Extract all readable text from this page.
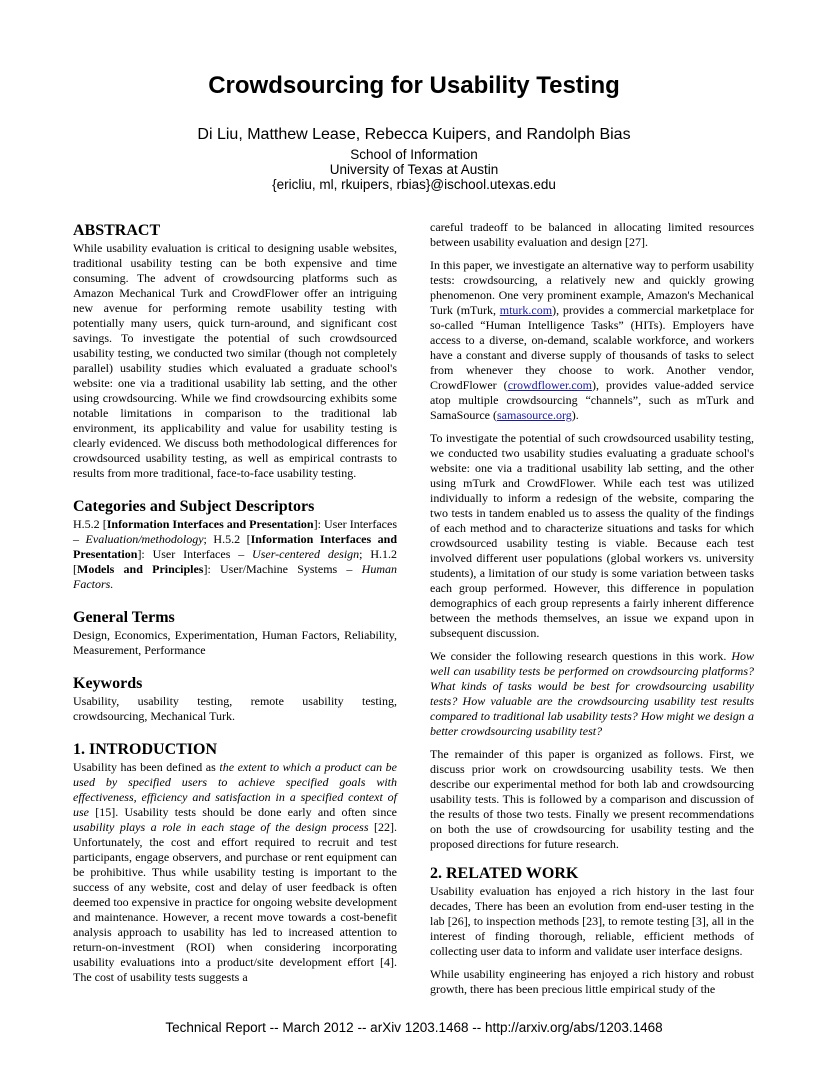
Crowdsourcing for Usability Testing
Di Liu, Matthew Lease, Rebecca Kuipers, and Randolph Bias
School of Information
University of Texas at Austin
{ericliu, ml, rkuipers, rbias}@ischool.utexas.edu
ABSTRACT

While usability evaluation is critical to designing usable websites, traditional usability testing can be both expensive and time consuming. The advent of crowdsourcing platforms such as Amazon Mechanical Turk and CrowdFlower offer an intriguing new avenue for performing remote usability testing with potentially many users, quick turn-around, and significant cost savings. To investigate the potential of such crowdsourced usability testing, we conducted two similar (though not completely parallel) usability studies which evaluated a graduate school's website: one via a traditional usability lab setting, and the other using crowdsourcing. While we find crowdsourcing exhibits some notable limitations in comparison to the traditional lab environment, its applicability and value for usability testing is clearly evidenced. We discuss both methodological differences for crowdsourced usability testing, as well as empirical contrasts to results from more traditional, face-to-face usability testing.

Categories and Subject Descriptors

H.5.2 [Information Interfaces and Presentation]: User Interfaces – Evaluation/methodology; H.5.2 [Information Interfaces and Presentation]: User Interfaces – User-centered design; H.1.2 [Models and Principles]: User/Machine Systems – Human Factors.

General Terms

Design, Economics, Experimentation, Human Factors, Reliability, Measurement, Performance

Keywords

Usability, usability testing, remote usability testing, crowdsourcing, Mechanical Turk.

1. INTRODUCTION

Usability has been defined as the extent to which a product can be used by specified users to achieve specified goals with effectiveness, efficiency and satisfaction in a specified context of use [15]. Usability tests should be done early and often since usability plays a role in each stage of the design process [22]. Unfortunately, the cost and effort required to recruit and test participants, engage observers, and purchase or rent equipment can be prohibitive. Thus while usability testing is important to the success of any website, cost and delay of user feedback is often deemed too expensive in practice for ongoing website development and maintenance. However, a recent move towards a cost-benefit analysis approach to usability has led to increased attention to return-on-investment (ROI) when considering incorporating usability evaluations into a product/site development effort [4]. The cost of usability tests suggests a

careful tradeoff to be balanced in allocating limited resources between usability evaluation and design [27].

In this paper, we investigate an alternative way to perform usability tests: crowdsourcing, a relatively new and quickly growing phenomenon. One very prominent example, Amazon's Mechanical Turk (mTurk, mturk.com), provides a commercial marketplace for so-called “Human Intelligence Tasks” (HITs). Employers have access to a diverse, on-demand, scalable workforce, and workers have a constant and diverse supply of thousands of tasks to select from whenever they choose to work. Another vendor, CrowdFlower (crowdflower.com), provides value-added service atop multiple crowdsourcing “channels”, such as mTurk and SamaSource (samasource.org).

To investigate the potential of such crowdsourced usability testing, we conducted two usability studies evaluating a graduate school's website: one via a traditional usability lab setting, and the other using mTurk and CrowdFlower. While each test was utilized individually to inform a redesign of the website, comparing the two tests in tandem enabled us to assess the quality of the findings of each method and to characterize situations and tasks for which crowdsourced usability testing is viable. Because each test involved different user populations (global workers vs. university students), a limitation of our study is some variation between tasks each group performed. However, this difference in population demographics of each group represents a fairly inherent difference between the methods themselves, an issue we expand upon in subsequent discussion.

We consider the following research questions in this work. How well can usability tests be performed on crowdsourcing platforms? What kinds of tasks would be best for crowdsourcing usability tests? How valuable are the crowdsourcing usability test results compared to traditional lab usability tests? How might we design a better crowdsourcing usability test?

The remainder of this paper is organized as follows. First, we discuss prior work on crowdsourcing usability tests. We then describe our experimental method for both lab and crowdsourcing usability tests. This is followed by a comparison and discussion of the results of those two tests. Finally we present recommendations on both the use of crowdsourcing for usability testing and the proposed directions for future research.

2. RELATED WORK

Usability evaluation has enjoyed a rich history in the last four decades, There has been an evolution from end-user testing in the lab [26], to inspection methods [23], to remote testing [3], all in the interest of finding thorough, reliable, efficient methods of collecting user data to inform and validate user interface designs.

While usability engineering has enjoyed a rich history and robust growth, there has been precious little empirical study of the

Technical Report -- March 2012 -- arXiv 1203.1468 -- http://arxiv.org/abs/1203.1468
